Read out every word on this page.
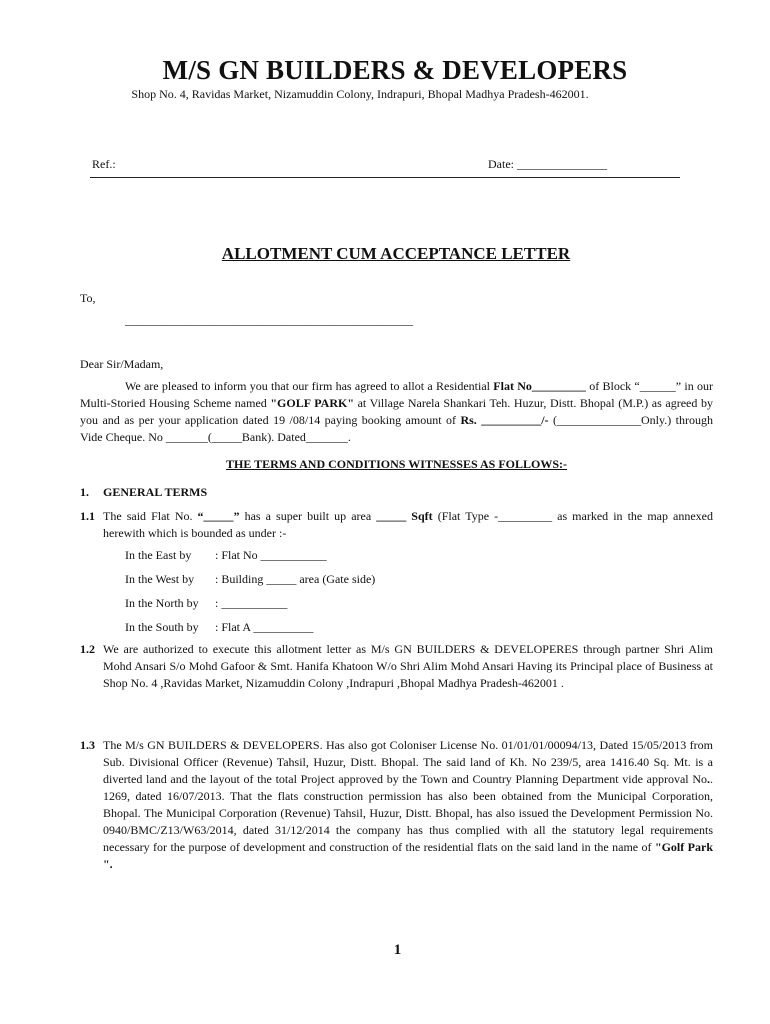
M/S GN BUILDERS & DEVELOPERS
Shop No. 4, Ravidas Market, Nizamuddin Colony, Indrapuri, Bhopal Madhya Pradesh-462001.
Ref.:	Date: _______________
ALLOTMENT CUM ACCEPTANCE LETTER
To,
________________________________________________
Dear Sir/Madam,
We are pleased to inform you that our firm has agreed to allot a Residential Flat No_________ of Block “______” in our Multi-Storied Housing Scheme named "GOLF PARK" at Village Narela Shankari Teh. Huzur, Distt. Bhopal (M.P.) as agreed by you and as per your application dated 19 /08/14 paying booking amount of Rs. __________/- (______________Only.) through Vide Cheque. No _______(_____Bank). Dated_______.
THE TERMS AND CONDITIONS WITNESSES AS FOLLOWS:-
1. GENERAL TERMS
1.1 The said Flat No. “_____” has a super built up area _____ Sqft (Flat Type -_________ as marked in the map annexed herewith which is bounded as under :-
In the East by : Flat No ___________
In the West by : Building _____ area (Gate side)
In the North by : ___________
In the South by : Flat A __________
1.2 We are authorized to execute this allotment letter as M/s GN BUILDERS & DEVELOPERES through partner Shri Alim Mohd Ansari S/o Mohd Gafoor & Smt. Hanifa Khatoon W/o Shri Alim Mohd Ansari Having its Principal place of Business at Shop No. 4 ,Ravidas Market, Nizamuddin Colony ,Indrapuri ,Bhopal Madhya Pradesh-462001 .
1.3 The M/s GN BUILDERS & DEVELOPERS. Has also got Coloniser License No. 01/01/01/00094/13, Dated 15/05/2013 from Sub. Divisional Officer (Revenue) Tahsil, Huzur, Distt. Bhopal. The said land of Kh. No 239/5, area 1416.40 Sq. Mt. is a diverted land and the layout of the total Project approved by the Town and Country Planning Department vide approval No.. 1269, dated 16/07/2013. That the flats construction permission has also been obtained from the Municipal Corporation, Bhopal. The Municipal Corporation (Revenue) Tahsil, Huzur, Distt. Bhopal, has also issued the Development Permission No. 0940/BMC/Z13/W63/2014, dated 31/12/2014 the company has thus complied with all the statutory legal requirements necessary for the purpose of development and construction of the residential flats on the said land in the name of "Golf Park ".
1
